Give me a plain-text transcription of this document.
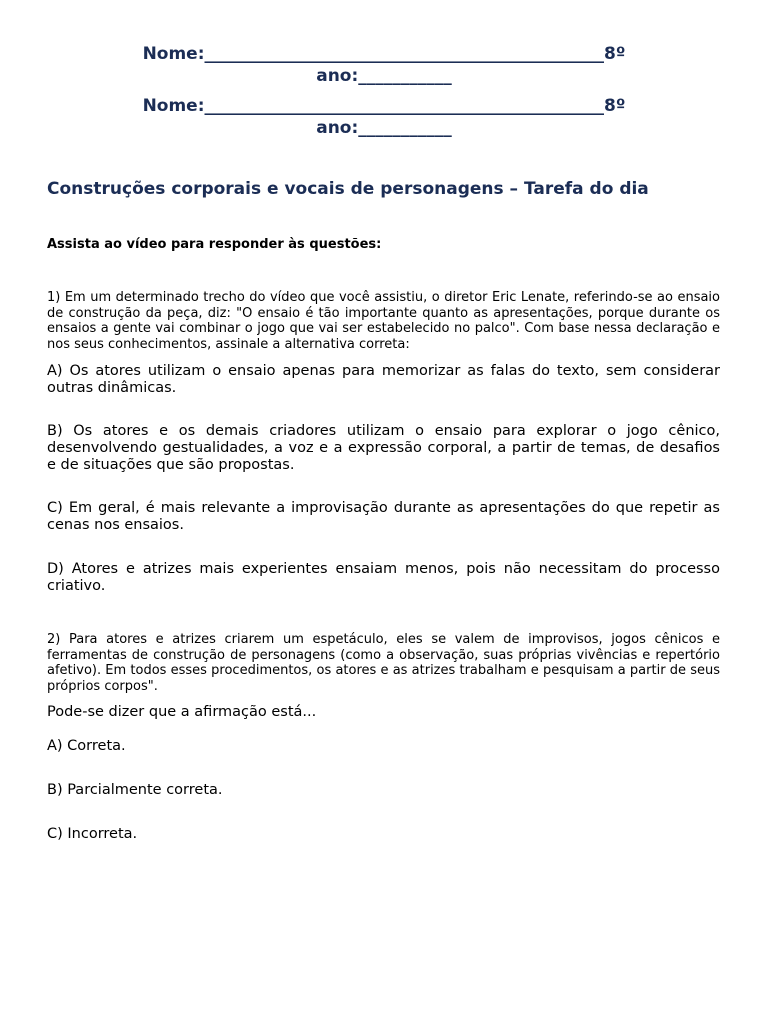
Nome:_______________________________________________8º
ano:___________
Nome:_______________________________________________8º
ano:___________
Construções corporais e vocais de personagens – Tarefa do dia

Assista ao vídeo para responder às questões:

1) Em um determinado trecho do vídeo que você assistiu, o diretor Eric Lenate, referindo-se ao ensaio de construção da peça, diz: "O ensaio é tão importante quanto as apresentações, porque durante os ensaios a gente vai combinar o jogo que vai ser estabelecido no palco". Com base nessa declaração e nos seus conhecimentos, assinale a alternativa correta:

A) Os atores utilizam o ensaio apenas para memorizar as falas do texto, sem considerar outras dinâmicas.

B) Os atores e os demais criadores utilizam o ensaio para explorar o jogo cênico, desenvolvendo gestualidades, a voz e a expressão corporal, a partir de temas, de desafios e de situações que são propostas.

C) Em geral, é mais relevante a improvisação durante as apresentações do que repetir as cenas nos ensaios.

D) Atores e atrizes mais experientes ensaiam menos, pois não necessitam do processo criativo.

2) Para atores e atrizes criarem um espetáculo, eles se valem de improvisos, jogos cênicos e ferramentas de construção de personagens (como a observação, suas próprias vivências e repertório afetivo). Em todos esses procedimentos, os atores e as atrizes trabalham e pesquisam a partir de seus próprios corpos".

Pode-se dizer que a afirmação está...

A) Correta.

B) Parcialmente correta.

C) Incorreta.
